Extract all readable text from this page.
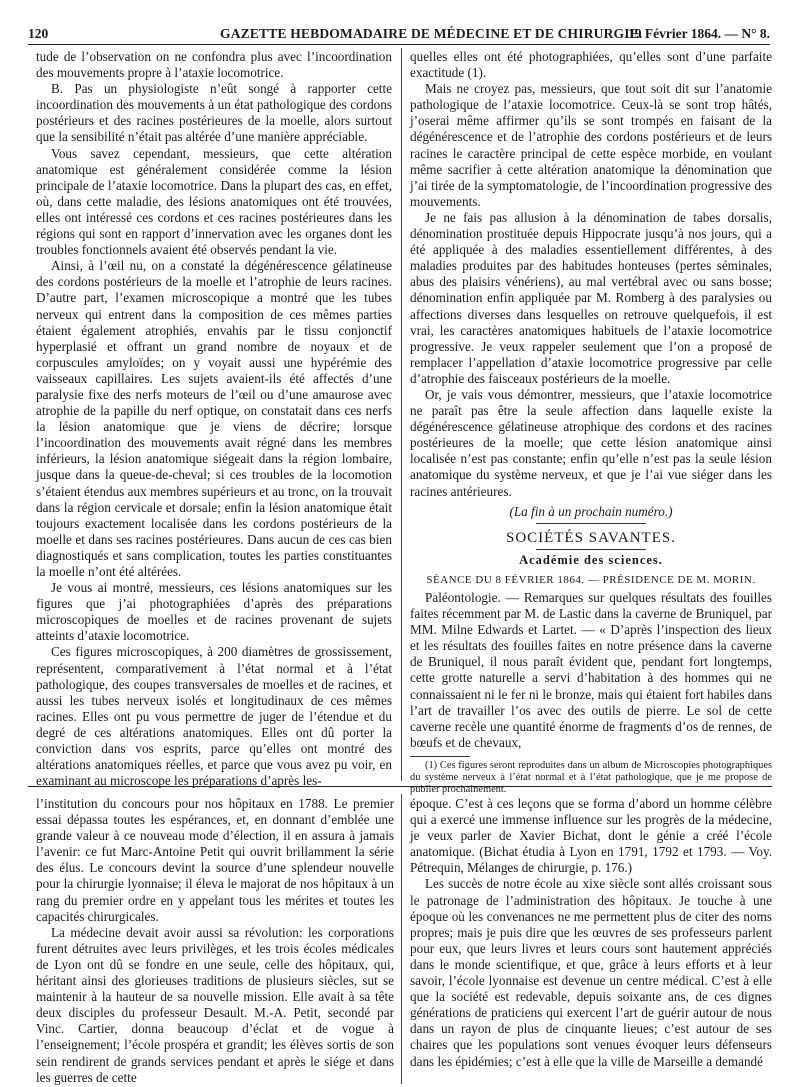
120	GAZETTE HEBDOMADAIRE DE MÉDECINE ET DE CHIRURGIE.
19 Février 1864. — N° 8.

tude de l’observation on ne confondra plus avec l’incoordination des mouvements propre à l’ataxie locomotrice.

B. Pas un physiologiste n’eût songé à rapporter cette incoordination des mouvements à un état pathologique des cordons postérieurs et des racines postérieures de la moelle, alors surtout que la sensibilité n’était pas altérée d’une manière appréciable.

Vous savez cependant, messieurs, que cette altération anatomique est généralement considérée comme la lésion principale de l’ataxie locomotrice. Dans la plupart des cas, en effet, où, dans cette maladie, des lésions anatomiques ont été trouvées, elles ont intéressé ces cordons et ces racines postérieures dans les régions qui sont en rapport d’innervation avec les organes dont les troubles fonctionnels avaient été observés pendant la vie.

Ainsi, à l’œil nu, on a constaté la dégénérescence gélatineuse des cordons postérieurs de la moelle et l’atrophie de leurs racines. D’autre part, l’examen microscopique a montré que les tubes nerveux qui entrent dans la composition de ces mêmes parties étaient également atrophiés, envahis par le tissu conjonctif hyperplasié et offrant un grand nombre de noyaux et de corpuscules amyloïdes; on y voyait aussi une hypérémie des vaisseaux capillaires. Les sujets avaient-ils été affectés d’une paralysie fixe des nerfs moteurs de l’œil ou d’une amaurose avec atrophie de la papille du nerf optique, on constatait dans ces nerfs la lésion anatomique que je viens de décrire; lorsque l’incoordination des mouvements avait régné dans les membres inférieurs, la lésion anatomique siégeait dans la région lombaire, jusque dans la queue-de-cheval; si ces troubles de la locomotion s’étaient étendus aux membres supérieurs et au tronc, on la trouvait dans la région cervicale et dorsale; enfin la lésion anatomique était toujours exactement localisée dans les cordons postérieurs de la moelle et dans ses racines postérieures. Dans aucun de ces cas bien diagnostiqués et sans complication, toutes les parties constituantes la moelle n’ont été altérées.

Je vous ai montré, messieurs, ces lésions anatomiques sur les figures que j’ai photographiées d’après des préparations microscopiques de moelles et de racines provenant de sujets atteints d’ataxie locomotrice.

Ces figures microscopiques, à 200 diamètres de grossissement, représentent, comparativement à l’état normal et à l’état pathologique, des coupes transversales de moelles et de racines, et aussi les tubes nerveux isolés et longitudinaux de ces mêmes racines. Elles ont pu vous permettre de juger de l’étendue et du degré de ces altérations anatomiques. Elles ont dû porter la conviction dans vos esprits, parce qu’elles ont montré des altérations anatomiques réelles, et parce que vous avez pu voir, en examinant au microscope les préparations d’après les-

quelles elles ont été photographiées, qu’elles sont d’une parfaite exactitude (1).

Mais ne croyez pas, messieurs, que tout soit dit sur l’anatomie pathologique de l’ataxie locomotrice. Ceux-là se sont trop hâtés, j’oserai même affirmer qu’ils se sont trompés en faisant de la dégénérescence et de l’atrophie des cordons postérieurs et de leurs racines le caractère principal de cette espèce morbide, en voulant même sacrifier à cette altération anatomique la dénomination que j’ai tirée de la symptomatologie, de l’incoordination progressive des mouvements.

Je ne fais pas allusion à la dénomination de tabes dorsalis, dénomination prostituée depuis Hippocrate jusqu’à nos jours, qui a été appliquée à des maladies essentiellement différentes, à des maladies produites par des habitudes honteuses (pertes séminales, abus des plaisirs vénériens), au mal vertébral avec ou sans bosse; dénomination enfin appliquée par M. Romberg à des paralysies ou affections diverses dans lesquelles on retrouve quelquefois, il est vrai, les caractères anatomiques habituels de l’ataxie locomotrice progressive. Je veux rappeler seulement que l’on a proposé de remplacer l’appellation d’ataxie locomotrice progressive par celle d’atrophie des faisceaux postérieurs de la moelle.

Or, je vais vous démontrer, messieurs, que l’ataxie locomotrice ne paraît pas être la seule affection dans laquelle existe la dégénérescence gélatineuse atrophique des cordons et des racines postérieures de la moelle; que cette lésion anatomique ainsi localisée n’est pas constante; enfin qu’elle n’est pas la seule lésion anatomique du système nerveux, et que je l’ai vue siéger dans les racines antérieures.

(La fin à un prochain numéro.)

SOCIÉTÉS SAVANTES.

Académie des sciences.

SÉANCE DU 8 FÉVRIER 1864. — PRÉSIDENCE DE M. MORIN.

Paléontologie. — Remarques sur quelques résultats des fouilles faites récemment par M. de Lastic dans la caverne de Bruniquel, par MM. Milne Edwards et Lartet. — « D’après l’inspection des lieux et les résultats des fouilles faites en notre présence dans la caverne de Bruniquel, il nous paraît évident que, pendant fort longtemps, cette grotte naturelle a servi d’habitation à des hommes qui ne connaissaient ni le fer ni le bronze, mais qui étaient fort habiles dans l’art de travailler l’os avec des outils de pierre. Le sol de cette caverne recèle une quantité énorme de fragments d’os de rennes, de bœufs et de chevaux,

(1) Ces figures seront reproduites dans un album de Microscopies photographiques du système nerveux à l’état normal et à l’état pathologique, que je me propose de publier prochainement.

l’institution du concours pour nos hôpitaux en 1788. Le premier essai dépassa toutes les espérances, et, en donnant d’emblée une grande valeur à ce nouveau mode d’élection, il en assura à jamais l’avenir: ce fut Marc-Antoine Petit qui ouvrit brillamment la série des élus. Le concours devint la source d’une splendeur nouvelle pour la chirurgie lyonnaise; il éleva le majorat de nos hôpitaux à un rang du premier ordre en y appelant tous les mérites et toutes les capacités chirurgicales.

La médecine devait avoir aussi sa révolution: les corporations furent détruites avec leurs privilèges, et les trois écoles médicales de Lyon ont dû se fondre en une seule, celle des hôpitaux, qui, héritant ainsi des glorieuses traditions de plusieurs siècles, sut se maintenir à la hauteur de sa nouvelle mission. Elle avait à sa tête deux disciples du professeur Desault. M.-A. Petit, secondé par Vinc. Cartier, donna beaucoup d’éclat et de vogue à l’enseignement; l’école prospéra et grandit; les élèves sortis de son sein rendirent de grands services pendant et après le siége et dans les guerres de cette

époque. C’est à ces leçons que se forma d’abord un homme célèbre qui a exercé une immense influence sur les progrès de la médecine, je veux parler de Xavier Bichat, dont le génie a créé l’école anatomique. (Bichat étudia à Lyon en 1791, 1792 et 1793. — Voy. Pétrequin, Mélanges de chirurgie, p. 176.)

Les succès de notre école au xixe siècle sont allés croissant sous le patronage de l’administration des hôpitaux. Je touche à une époque où les convenances ne me permettent plus de citer des noms propres; mais je puis dire que les œuvres de ses professeurs parlent pour eux, que leurs livres et leurs cours sont hautement appréciés dans le monde scientifique, et que, grâce à leurs efforts et à leur savoir, l’école lyonnaise est devenue un centre médical. C’est à elle que la société est redevable, depuis soixante ans, de ces dignes générations de praticiens qui exercent l’art de guérir autour de nous dans un rayon de plus de cinquante lieues; c’est autour de ses chaires que les populations sont venues évoquer leurs défenseurs dans les épidémies; c’est à elle que la ville de Marseille a demandé
